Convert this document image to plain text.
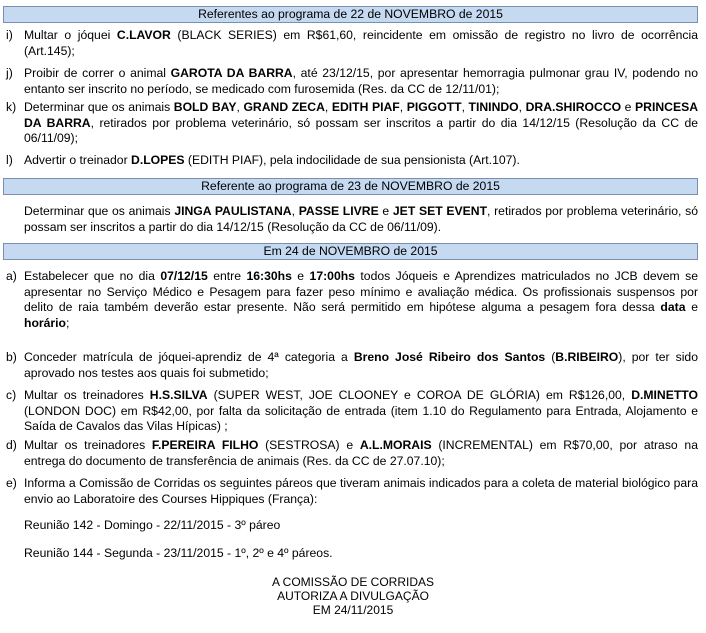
Referentes ao programa de 22 de NOVEMBRO de 2015
i) Multar o jóquei C.LAVOR (BLACK SERIES) em R$61,60, reincidente em omissão de registro no livro de ocorrência (Art.145);
j) Proibir de correr o animal GAROTA DA BARRA, até 23/12/15, por apresentar hemorragia pulmonar grau IV, podendo no entanto ser inscrito no período, se medicado com furosemida (Res. da CC de 12/11/01);
k) Determinar que os animais BOLD BAY, GRAND ZECA, EDITH PIAF, PIGGOTT, TININDO, DRA.SHIROCCO e PRINCESA DA BARRA, retirados por problema veterinário, só possam ser inscritos a partir do dia 14/12/15 (Resolução da CC de 06/11/09);
l) Advertir o treinador D.LOPES (EDITH PIAF), pela indocilidade de sua pensionista (Art.107).
Referente ao programa de 23 de NOVEMBRO de 2015
Determinar que os animais JINGA PAULISTANA, PASSE LIVRE e JET SET EVENT, retirados por problema veterinário, só possam ser inscritos a partir do dia 14/12/15 (Resolução da CC de 06/11/09).
Em 24 de NOVEMBRO de 2015
a) Estabelecer que no dia 07/12/15 entre 16:30hs e 17:00hs todos Jóqueis e Aprendizes matriculados no JCB devem se apresentar no Serviço Médico e Pesagem para fazer peso mínimo e avaliação médica. Os profissionais suspensos por delito de raia também deverão estar presente. Não será permitido em hipótese alguma a pesagem fora dessa data e horário;
b) Conceder matrícula de jóquei-aprendiz de 4ª categoria a Breno José Ribeiro dos Santos (B.RIBEIRO), por ter sido aprovado nos testes aos quais foi submetido;
c) Multar os treinadores H.S.SILVA (SUPER WEST, JOE CLOONEY e COROA DE GLÓRIA) em R$126,00, D.MINETTO (LONDON DOC) em R$42,00, por falta da solicitação de entrada (item 1.10 do Regulamento para Entrada, Alojamento e Saída de Cavalos das Vilas Hípicas) ;
d) Multar os treinadores F.PEREIRA FILHO (SESTROSA) e A.L.MORAIS (INCREMENTAL) em R$70,00, por atraso na entrega do documento de transferência de animais (Res. da CC de 27.07.10);
e) Informa a Comissão de Corridas os seguintes páreos que tiveram animais indicados para a coleta de material biológico para envio ao Laboratoire des Courses Hippiques (França):
Reunião 142 - Domingo - 22/11/2015 - 3º páreo
Reunião 144 - Segunda - 23/11/2015 - 1º, 2º e 4º páreos.
A COMISSÃO DE CORRIDAS
AUTORIZA A DIVULGAÇÃO
EM 24/11/2015
